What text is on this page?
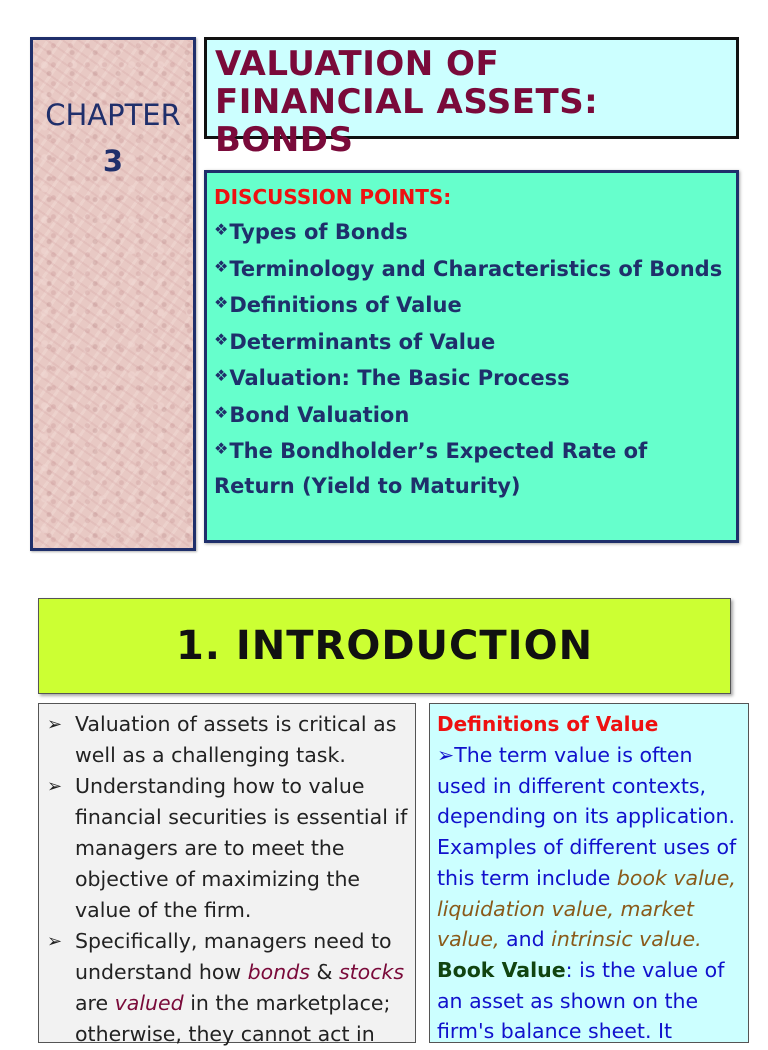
CHAPTER
3
VALUATION OF
FINANCIAL ASSETS:
BONDS
DISCUSSION POINTS:
❖Types of Bonds
❖Terminology and Characteristics of Bonds
❖Definitions of Value
❖Determinants of Value
❖Valuation: The Basic Process
❖Bond Valuation
❖The Bondholder’s Expected Rate of Return (Yield to Maturity)
1. INTRODUCTION
➢ Valuation of assets is critical as well as a challenging task.
➢ Understanding how to value financial securities is essential if managers are to meet the objective of maximizing the value of the firm.
➢ Specifically, managers need to understand how bonds & stocks are valued in the marketplace; otherwise, they cannot act in
Definitions of Value
➢The term value is often used in different contexts, depending on its application. Examples of different uses of this term include book value, liquidation value, market value, and intrinsic value.
Book Value: is the value of an asset as shown on the firm's balance sheet. It
